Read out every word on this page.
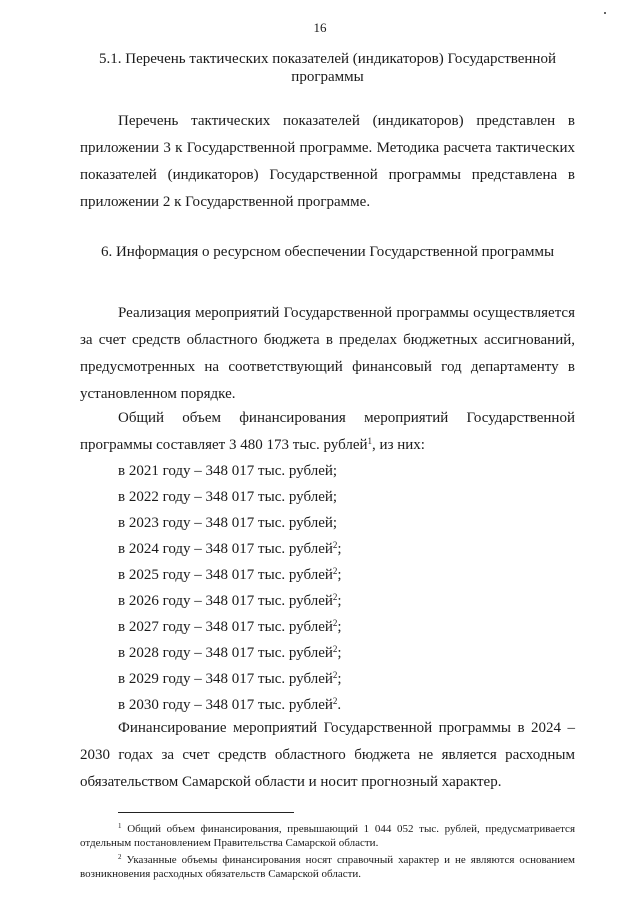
16
5.1. Перечень тактических показателей (индикаторов) Государственной программы
Перечень тактических показателей (индикаторов) представлен в приложении 3 к Государственной программе. Методика расчета тактических показателей (индикаторов) Государственной программы представлена в приложении 2 к Государственной программе.
6. Информация о ресурсном обеспечении Государственной программы
Реализация мероприятий Государственной программы осуществляется за счет средств областного бюджета в пределах бюджетных ассигнований, предусмотренных на соответствующий финансовый год департаменту в установленном порядке.
Общий объем финансирования мероприятий Государственной программы составляет 3 480 173 тыс. рублей$^1$, из них:
в 2021 году – 348 017 тыс. рублей;
в 2022 году – 348 017 тыс. рублей;
в 2023 году – 348 017 тыс. рублей;
в 2024 году – 348 017 тыс. рублей$^2$;
в 2025 году – 348 017 тыс. рублей$^2$;
в 2026 году – 348 017 тыс. рублей$^2$;
в 2027 году – 348 017 тыс. рублей$^2$;
в 2028 году – 348 017 тыс. рублей$^2$;
в 2029 году – 348 017 тыс. рублей$^2$;
в 2030 году – 348 017 тыс. рублей$^2$.
Финансирование мероприятий Государственной программы в 2024 – 2030 годах за счет средств областного бюджета не является расходным обязательством Самарской области и носит прогнозный характер.
$^1$ Общий объем финансирования, превышающий 1 044 052 тыс. рублей, предусматривается отдельным постановлением Правительства Самарской области.
$^2$ Указанные объемы финансирования носят справочный характер и не являются основанием возникновения расходных обязательств Самарской области.
